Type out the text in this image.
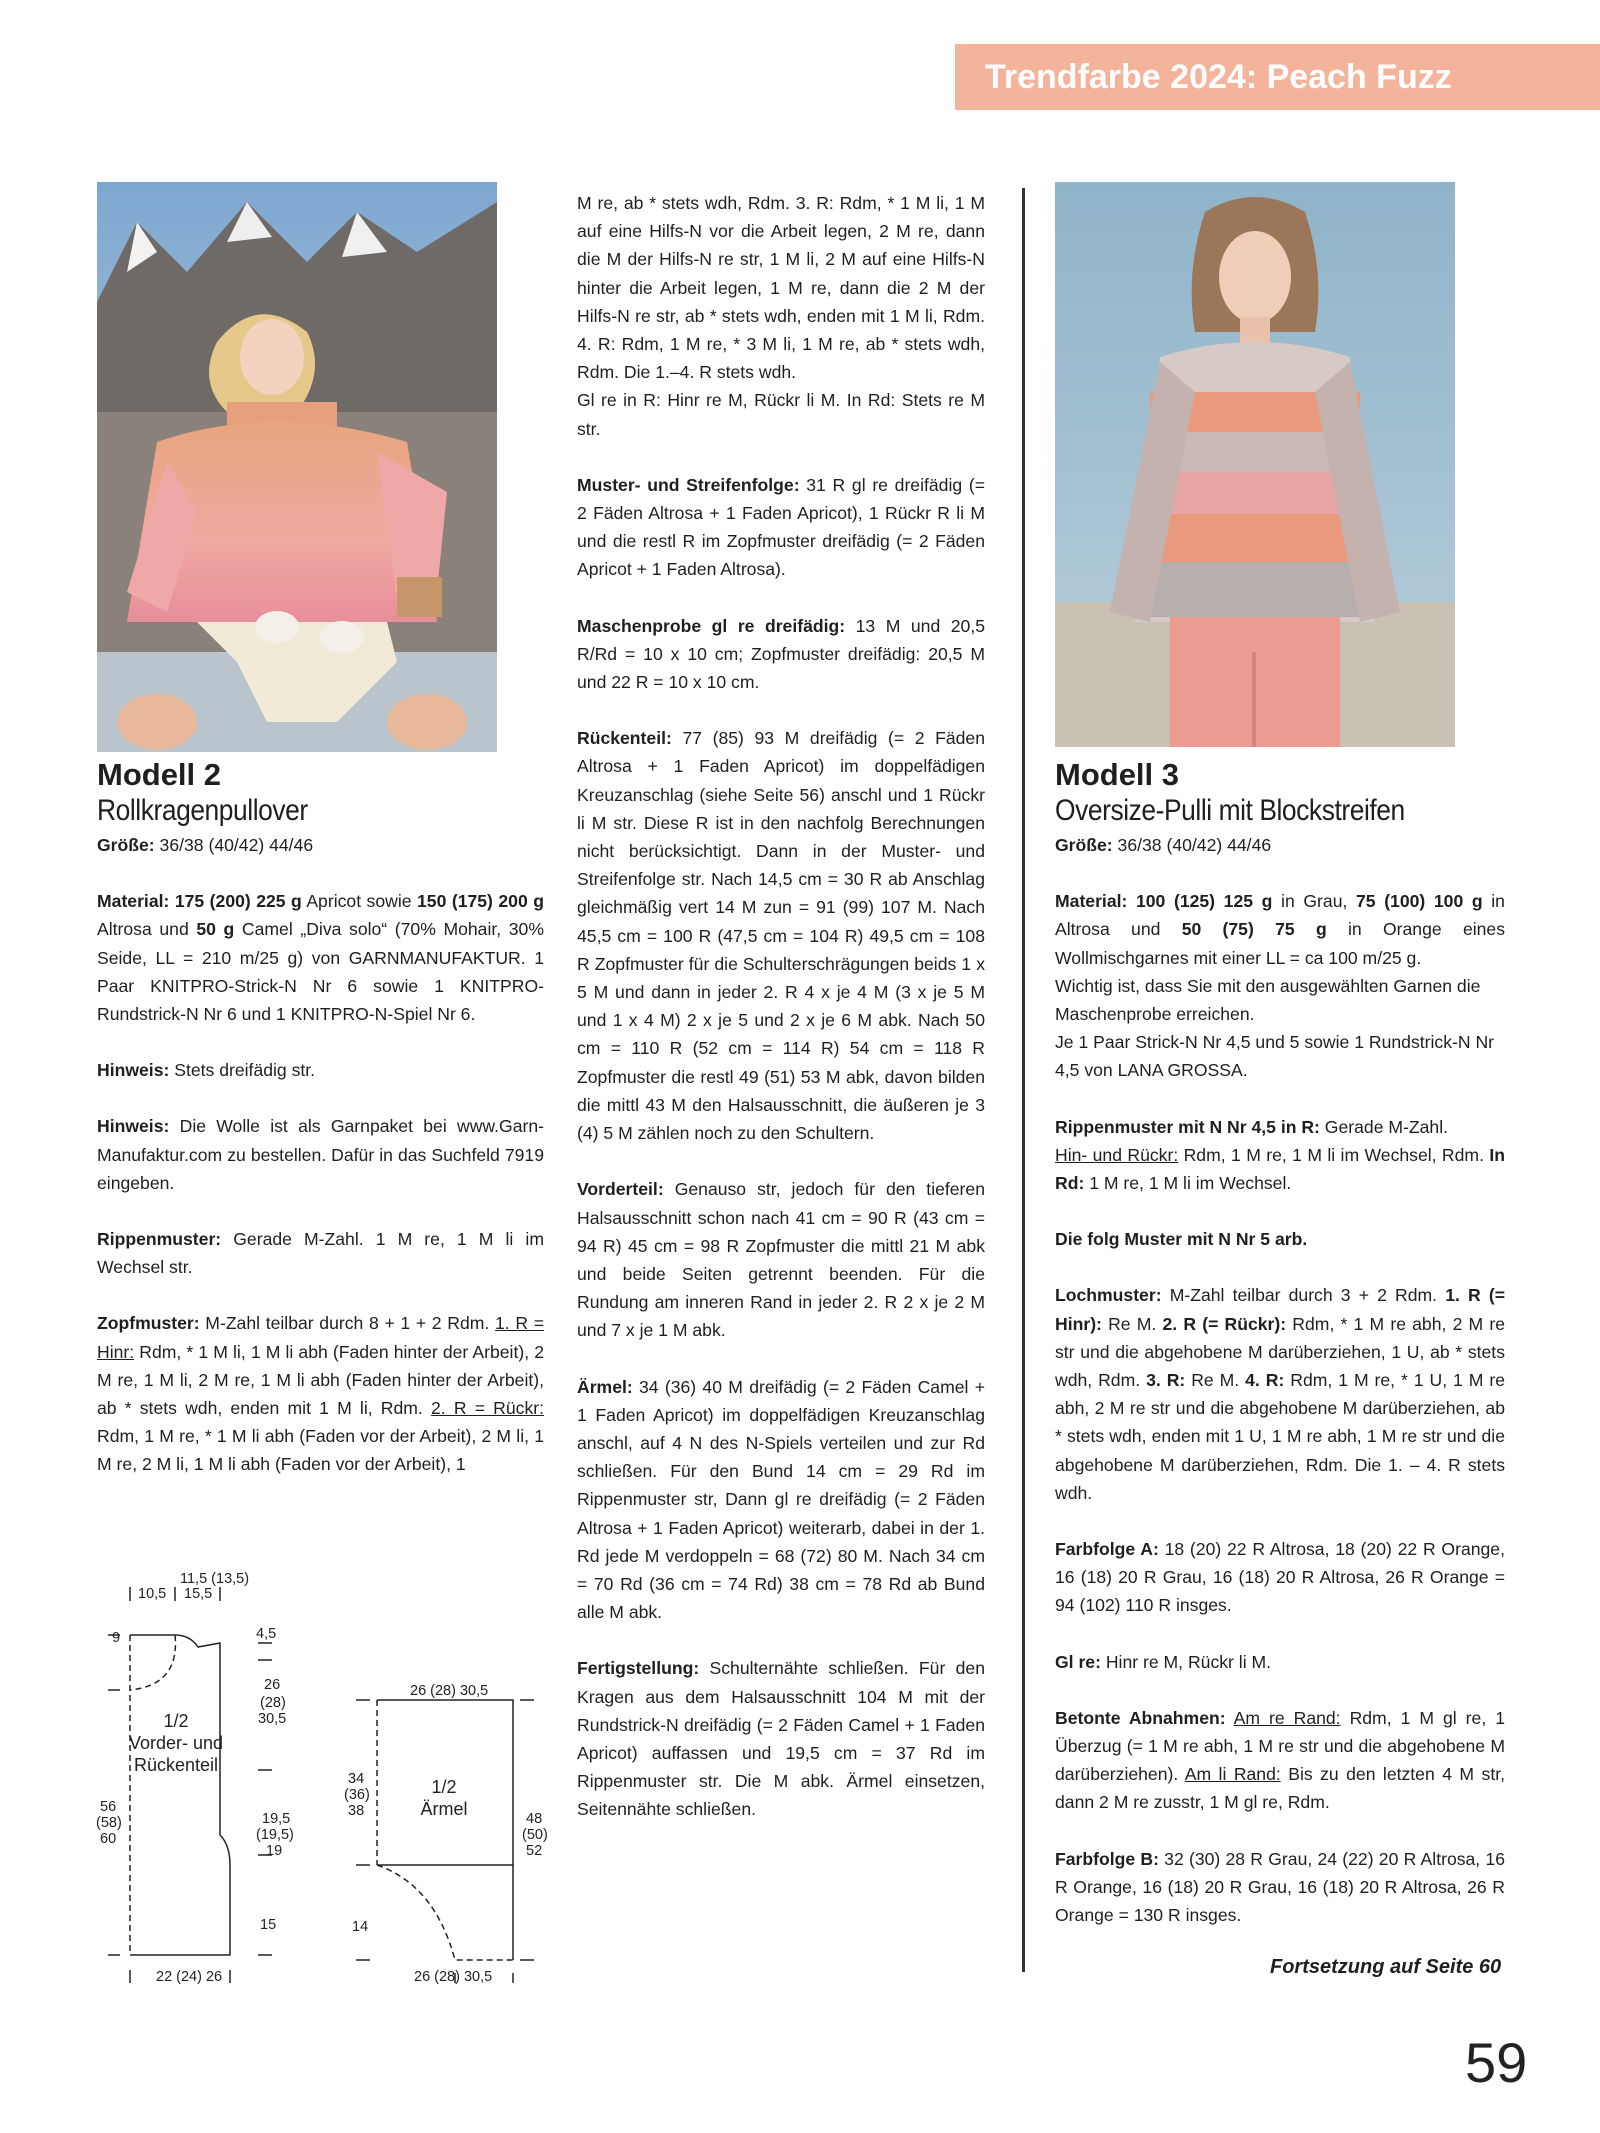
Trendfarbe 2024: Peach Fuzz
Modell 2
Rollkragenpullover

Größe: 36/38 (40/42) 44/46

Material: 175 (200) 225 g Apricot sowie 150 (175) 200 g Altrosa und 50 g Camel „Diva solo“ (70% Mohair, 30% Seide, LL = 210 m/25 g) von GARNMANUFAKTUR. 1 Paar KNITPRO-Strick-N Nr 6 sowie 1 KNITPRO-Rundstrick-N Nr 6 und 1 KNITPRO-N-Spiel Nr 6.

Hinweis: Stets dreifädig str.

Hinweis: Die Wolle ist als Garnpaket bei www.Garn-Manufaktur.com zu bestellen. Dafür in das Suchfeld 7919 eingeben.

Rippenmuster: Gerade M-Zahl. 1 M re, 1 M li im Wechsel str.

Zopfmuster: M-Zahl teilbar durch 8 + 1 + 2 Rdm. 1. R = Hinr: Rdm, * 1 M li, 1 M li abh (Faden hinter der Arbeit), 2 M re, 1 M li, 2 M re, 1 M li abh (Faden hinter der Arbeit), ab * stets wdh, enden mit 1 M li, Rdm. 2. R = Rückr: Rdm, 1 M re, * 1 M li abh (Faden vor der Arbeit), 2 M li, 1 M re, 2 M li, 1 M li abh (Faden vor der Arbeit), 1

M re, ab * stets wdh, Rdm. 3. R: Rdm, * 1 M li, 1 M auf eine Hilfs-N vor die Arbeit legen, 2 M re, dann die M der Hilfs-N re str, 1 M li, 2 M auf eine Hilfs-N hinter die Arbeit legen, 1 M re, dann die 2 M der Hilfs-N re str, ab * stets wdh, enden mit 1 M li, Rdm. 4. R: Rdm, 1 M re, * 3 M li, 1 M re, ab * stets wdh, Rdm. Die 1.–4. R stets wdh.

Gl re in R: Hinr re M, Rückr li M. In Rd: Stets re M str.

Muster- und Streifenfolge: 31 R gl re dreifädig (= 2 Fäden Altrosa + 1 Faden Apricot), 1 Rückr R li M und die restl R im Zopfmuster dreifädig (= 2 Fäden Apricot + 1 Faden Altrosa).

Maschenprobe gl re dreifädig: 13 M und 20,5 R/Rd = 10 x 10 cm; Zopfmuster dreifädig: 20,5 M und 22 R = 10 x 10 cm.

Rückenteil: 77 (85) 93 M dreifädig (= 2 Fäden Altrosa + 1 Faden Apricot) im doppelfädigen Kreuzanschlag (siehe Seite 56) anschl und 1 Rückr li M str. Diese R ist in den nachfolg Berechnungen nicht berücksichtigt. Dann in der Muster- und Streifenfolge str. Nach 14,5 cm = 30 R ab Anschlag gleichmäßig vert 14 M zun = 91 (99) 107 M. Nach 45,5 cm = 100 R (47,5 cm = 104 R) 49,5 cm = 108 R Zopfmuster für die Schulterschrägungen beids 1 x 5 M und dann in jeder 2. R 4 x je 4 M (3 x je 5 M und 1 x 4 M) 2 x je 5 und 2 x je 6 M abk. Nach 50 cm = 110 R (52 cm = 114 R) 54 cm = 118 R Zopfmuster die restl 49 (51) 53 M abk, davon bilden die mittl 43 M den Halsausschnitt, die äußeren je 3 (4) 5 M zählen noch zu den Schultern.

Vorderteil: Genauso str, jedoch für den tieferen Halsausschnitt schon nach 41 cm = 90 R (43 cm = 94 R) 45 cm = 98 R Zopfmuster die mittl 21 M abk und beide Seiten getrennt beenden. Für die Rundung am inneren Rand in jeder 2. R 2 x je 2 M und 7 x je 1 M abk.

Ärmel: 34 (36) 40 M dreifädig (= 2 Fäden Camel + 1 Faden Apricot) im doppelfädigen Kreuzanschlag anschl, auf 4 N des N-Spiels verteilen und zur Rd schließen. Für den Bund 14 cm = 29 Rd im Rippenmuster str, Dann gl re dreifädig (= 2 Fäden Altrosa + 1 Faden Apricot) weiterarb, dabei in der 1. Rd jede M verdoppeln = 68 (72) 80 M. Nach 34 cm = 70 Rd (36 cm = 74 Rd) 38 cm = 78 Rd ab Bund alle M abk.

Fertigstellung: Schulternähte schließen. Für den Kragen aus dem Halsausschnitt 104 M mit der Rundstrick-N dreifädig (= 2 Fäden Camel + 1 Faden Apricot) auffassen und 19,5 cm = 37 Rd im Rippenmuster str. Die M abk. Ärmel einsetzen, Seitennähte schließen.

Modell 3
Oversize-Pulli mit Blockstreifen

Größe: 36/38 (40/42) 44/46

Material: 100 (125) 125 g in Grau, 75 (100) 100 g in Altrosa und 50 (75) 75 g in Orange eines Wollmischgarnes mit einer LL = ca 100 m/25 g.

Wichtig ist, dass Sie mit den ausgewählten Garnen die Maschenprobe erreichen.

Je 1 Paar Strick-N Nr 4,5 und 5 sowie 1 Rundstrick-N Nr 4,5 von LANA GROSSA.

Rippenmuster mit N Nr 4,5 in R: Gerade M-Zahl.
Hin- und Rückr: Rdm, 1 M re, 1 M li im Wechsel, Rdm. In Rd: 1 M re, 1 M li im Wechsel.

Die folg Muster mit N Nr 5 arb.

Lochmuster: M-Zahl teilbar durch 3 + 2 Rdm. 1. R (= Hinr): Re M. 2. R (= Rückr): Rdm, * 1 M re abh, 2 M re str und die abgehobene M darüberziehen, 1 U, ab * stets wdh, Rdm. 3. R: Re M. 4. R: Rdm, 1 M re, * 1 U, 1 M re abh, 2 M re str und die abgehobene M darüberziehen, ab * stets wdh, enden mit 1 U, 1 M re abh, 1 M re str und die abgehobene M darüberziehen, Rdm. Die 1. – 4. R stets wdh.

Farbfolge A: 18 (20) 22 R Altrosa, 18 (20) 22 R Orange, 16 (18) 20 R Grau, 16 (18) 20 R Altrosa, 26 R Orange = 94 (102) 110 R insges.

Gl re: Hinr re M, Rückr li M.

Betonte Abnahmen: Am re Rand: Rdm, 1 M gl re, 1 Überzug (= 1 M re abh, 1 M re str und die abgehobene M darüberziehen). Am li Rand: Bis zu den letzten 4 M str, dann 2 M re zusstr, 1 M gl re, Rdm.

Farbfolge B: 32 (30) 28 R Grau, 24 (22) 20 R Altrosa, 16 R Orange, 16 (18) 20 R Grau, 16 (18) 20 R Altrosa, 26 R Orange = 130 R insges.

Fortsetzung auf Seite 60
59
11,5 (13,5)
15,5
10,5
9	4,5
26
(28)
30,5
19,5
(19,5)
19
15
56
(58)
60
22 (24) 26
1/2
Vorder- und
Rückenteil
26 (28) 30,5
34
(36)
38	48
(50)
52
14
26 (28) 30,5
1/2
Ärmel
